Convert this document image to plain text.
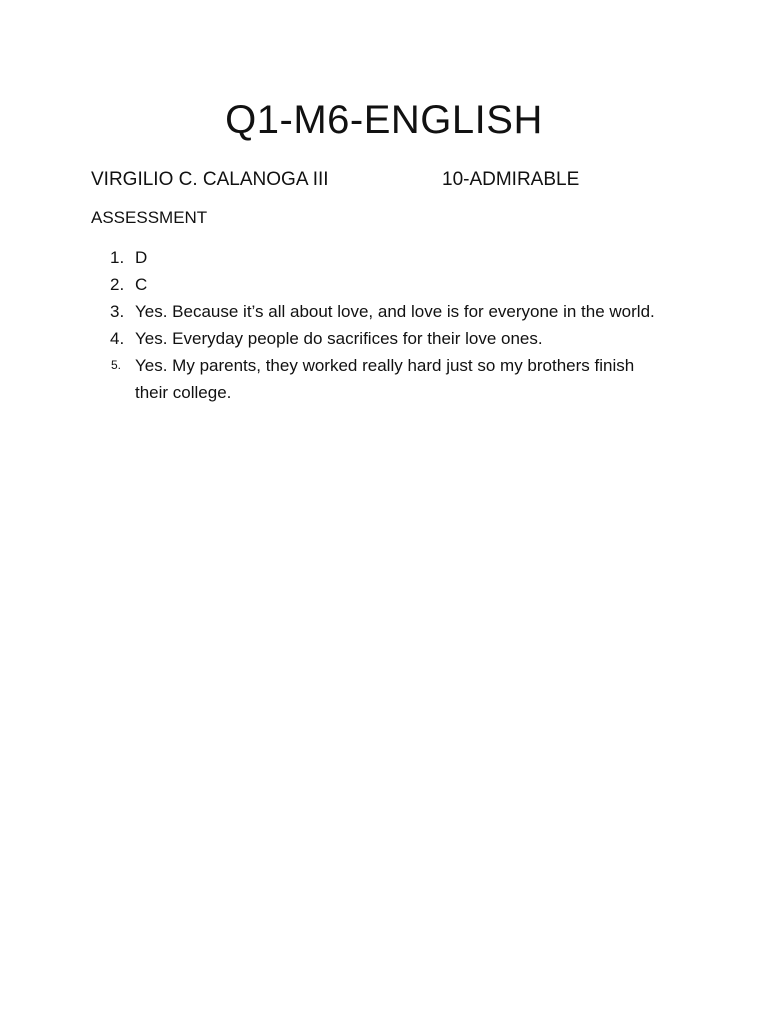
Q1-M6-ENGLISH
VIRGILIO C. CALANOGA III	10-ADMIRABLE
ASSESSMENT
1. D
2. C
3. Yes. Because it’s all about love, and love is for everyone in the world.
4. Yes. Everyday people do sacrifices for their love ones.
5. Yes. My parents, they worked really hard just so my brothers finish their college.
